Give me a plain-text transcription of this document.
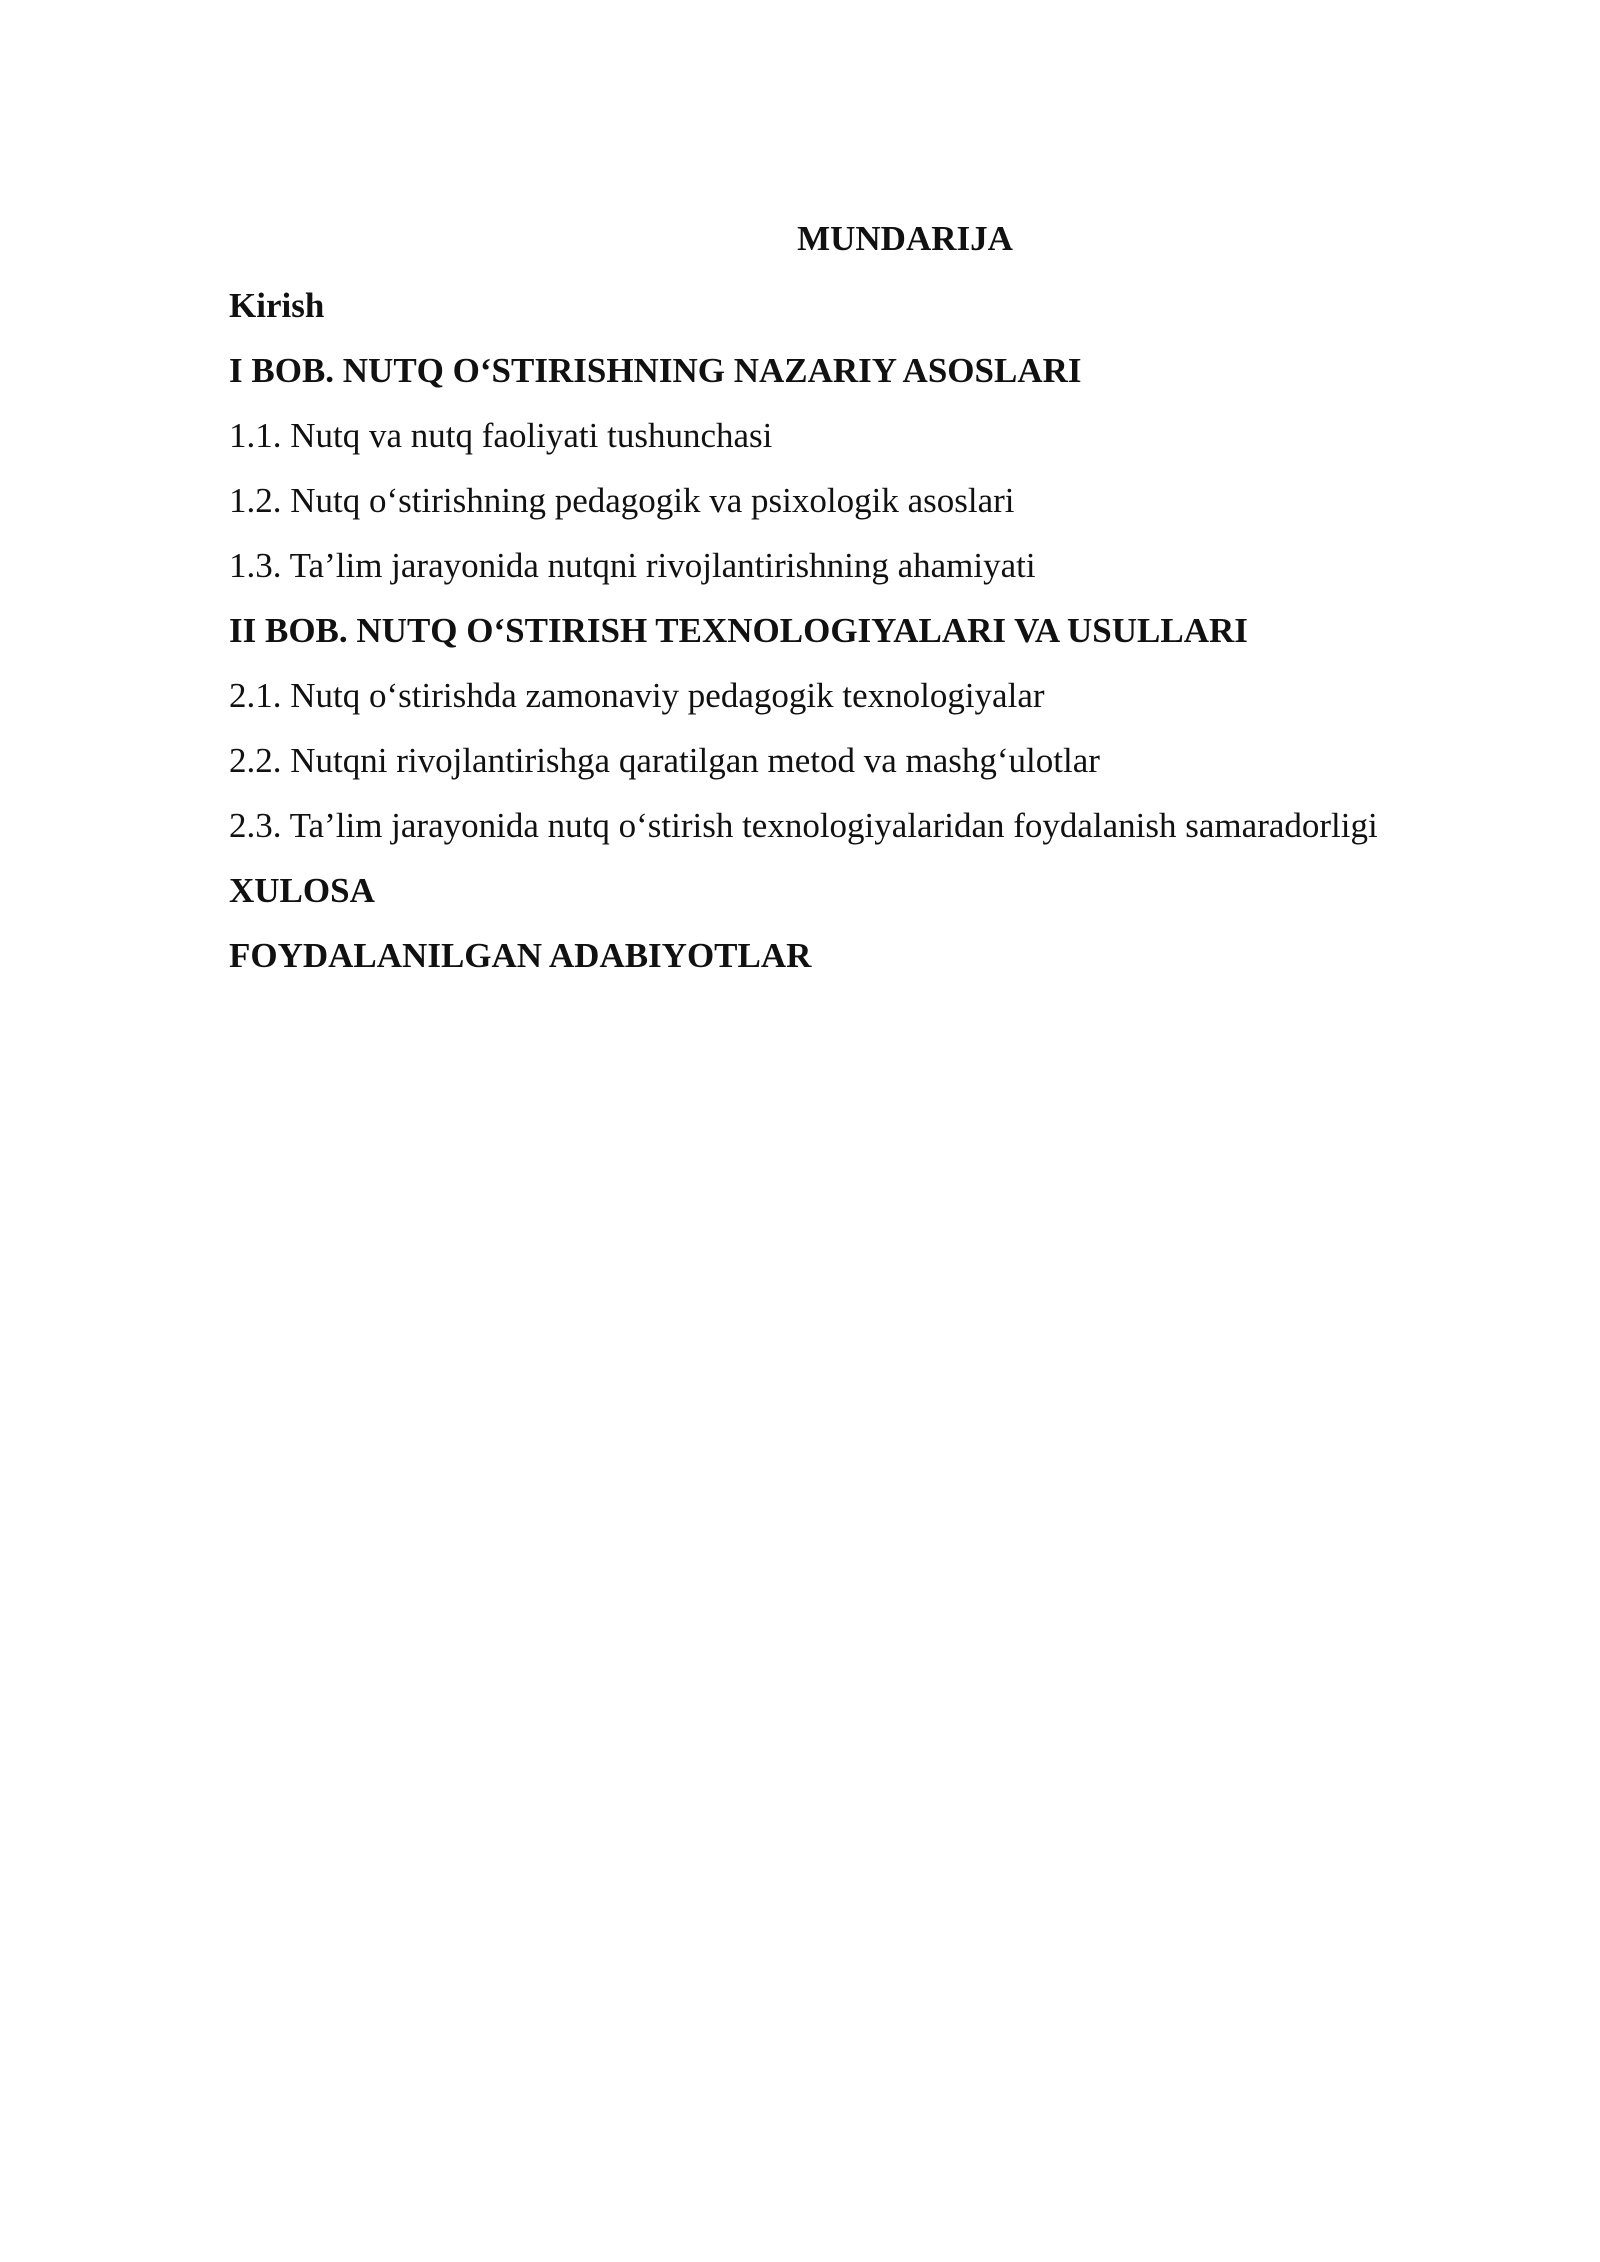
MUNDARIJA
Kirish
I BOB. NUTQ O‘STIRISHNING NAZARIY ASOSLARI
1.1. Nutq va nutq faoliyati tushunchasi
1.2. Nutq o‘stirishning pedagogik va psixologik asoslari
1.3. Ta’lim jarayonida nutqni rivojlantirishning ahamiyati
II BOB. NUTQ O‘STIRISH TEXNOLOGIYALARI VA USULLARI
2.1. Nutq o‘stirishda zamonaviy pedagogik texnologiyalar
2.2. Nutqni rivojlantirishga qaratilgan metod va mashg‘ulotlar
2.3. Ta’lim jarayonida nutq o‘stirish texnologiyalaridan foydalanish samaradorligi
XULOSA
FOYDALANILGAN ADABIYOTLAR
